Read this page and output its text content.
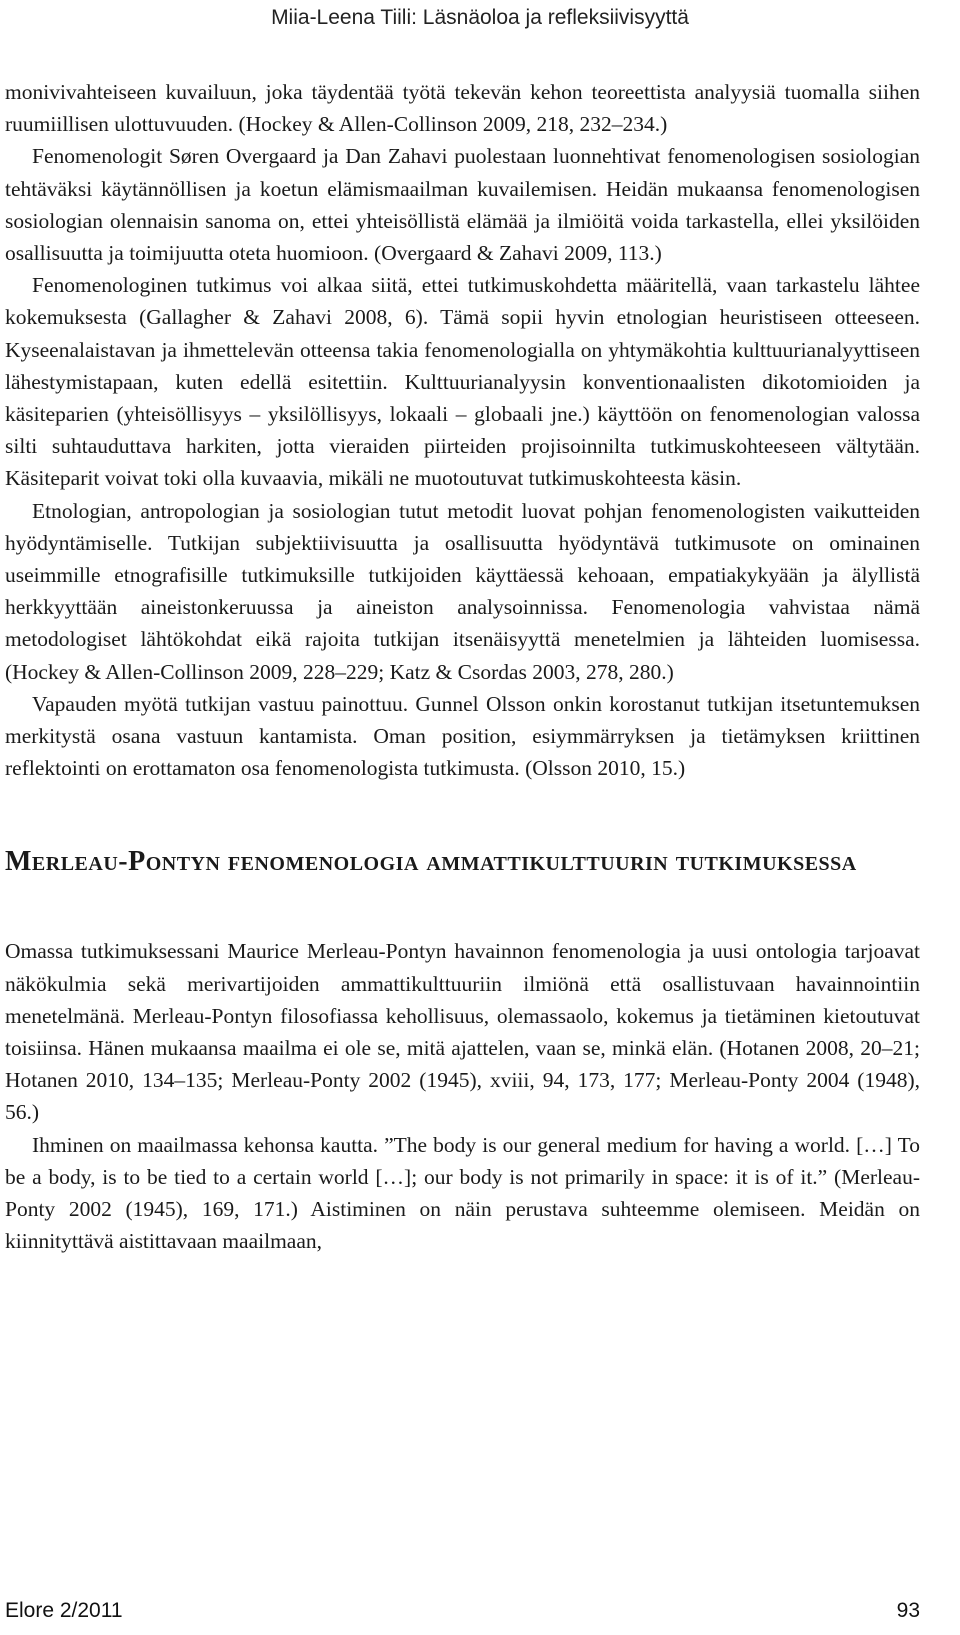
Miia-Leena Tiili: Läsnäoloa ja refleksiivisyyttä

monivivahteiseen kuvailuun, joka täydentää työtä tekevän kehon teoreettista analyysiä tuomalla siihen ruumiillisen ulottuvuuden. (Hockey & Allen-Collinson 2009, 218, 232–234.)

Fenomenologit Søren Overgaard ja Dan Zahavi puolestaan luonnehtivat fenomenologisen sosiologian tehtäväksi käytännöllisen ja koetun elämismaailman kuvailemisen. Heidän mukaansa fenomenologisen sosiologian olennaisin sanoma on, ettei yhteisöllistä elämää ja ilmiöitä voida tarkastella, ellei yksilöiden osallisuutta ja toimijuutta oteta huomioon. (Overgaard & Zahavi 2009, 113.)

Fenomenologinen tutkimus voi alkaa siitä, ettei tutkimuskohdetta määritellä, vaan tarkastelu lähtee kokemuksesta (Gallagher & Zahavi 2008, 6). Tämä sopii hyvin etnologian heuristiseen otteeseen. Kyseenalaistavan ja ihmettelevän otteensa takia fenomenologialla on yhtymäkohtia kulttuurianalyyttiseen lähestymistapaan, kuten edellä esitettiin. Kulttuurianalyysin konventionaalisten dikotomioiden ja käsiteparien (yhteisöllisyys – yksilöllisyys, lokaali – globaali jne.) käyttöön on fenomenologian valossa silti suhtauduttava harkiten, jotta vieraiden piirteiden projisoinnilta tutkimuskohteeseen vältytään. Käsiteparit voivat toki olla kuvaavia, mikäli ne muotoutuvat tutkimuskohteesta käsin.

Etnologian, antropologian ja sosiologian tutut metodit luovat pohjan fenomenologisten vaikutteiden hyödyntämiselle. Tutkijan subjektiivisuutta ja osallisuutta hyödyntävä tutkimusote on ominainen useimmille etnografisille tutkimuksille tutkijoiden käyttäessä kehoaan, empatiakykyään ja älyllistä herkkyyttään aineistonkeruussa ja aineiston analysoinnissa. Fenomenologia vahvistaa nämä metodologiset lähtökohdat eikä rajoita tutkijan itsenäisyyttä menetelmien ja lähteiden luomisessa. (Hockey & Allen-Collinson 2009, 228–229; Katz & Csordas 2003, 278, 280.)

Vapauden myötä tutkijan vastuu painottuu. Gunnel Olsson onkin korostanut tutkijan itsetuntemuksen merkitystä osana vastuun kantamista. Oman position, esiymmärryksen ja tietämyksen kriittinen reflektointi on erottamaton osa fenomenologista tutkimusta. (Olsson 2010, 15.)

Merleau-Pontyn fenomenologia ammattikulttuurin tutkimuksessa

Omassa tutkimuksessani Maurice Merleau-Pontyn havainnon fenomenologia ja uusi ontologia tarjoavat näkökulmia sekä merivartijoiden ammattikulttuuriin ilmiönä että osallistuvaan havainnointiin menetelmänä. Merleau-Pontyn filosofiassa kehollisuus, olemassaolo, kokemus ja tietäminen kietoutuvat toisiinsa. Hänen mukaansa maailma ei ole se, mitä ajattelen, vaan se, minkä elän. (Hotanen 2008, 20–21; Hotanen 2010, 134–135; Merleau-Ponty 2002 (1945), xviii, 94, 173, 177; Merleau-Ponty 2004 (1948), 56.)

Ihminen on maailmassa kehonsa kautta. ”The body is our general medium for having a world. […] To be a body, is to be tied to a certain world […]; our body is not primarily in space: it is of it.” (Merleau-Ponty 2002 (1945), 169, 171.) Aistiminen on näin perustava suhteemme olemiseen. Meidän on kiinnityttävä aistittavaan maailmaan,

Elore 2/2011	93
